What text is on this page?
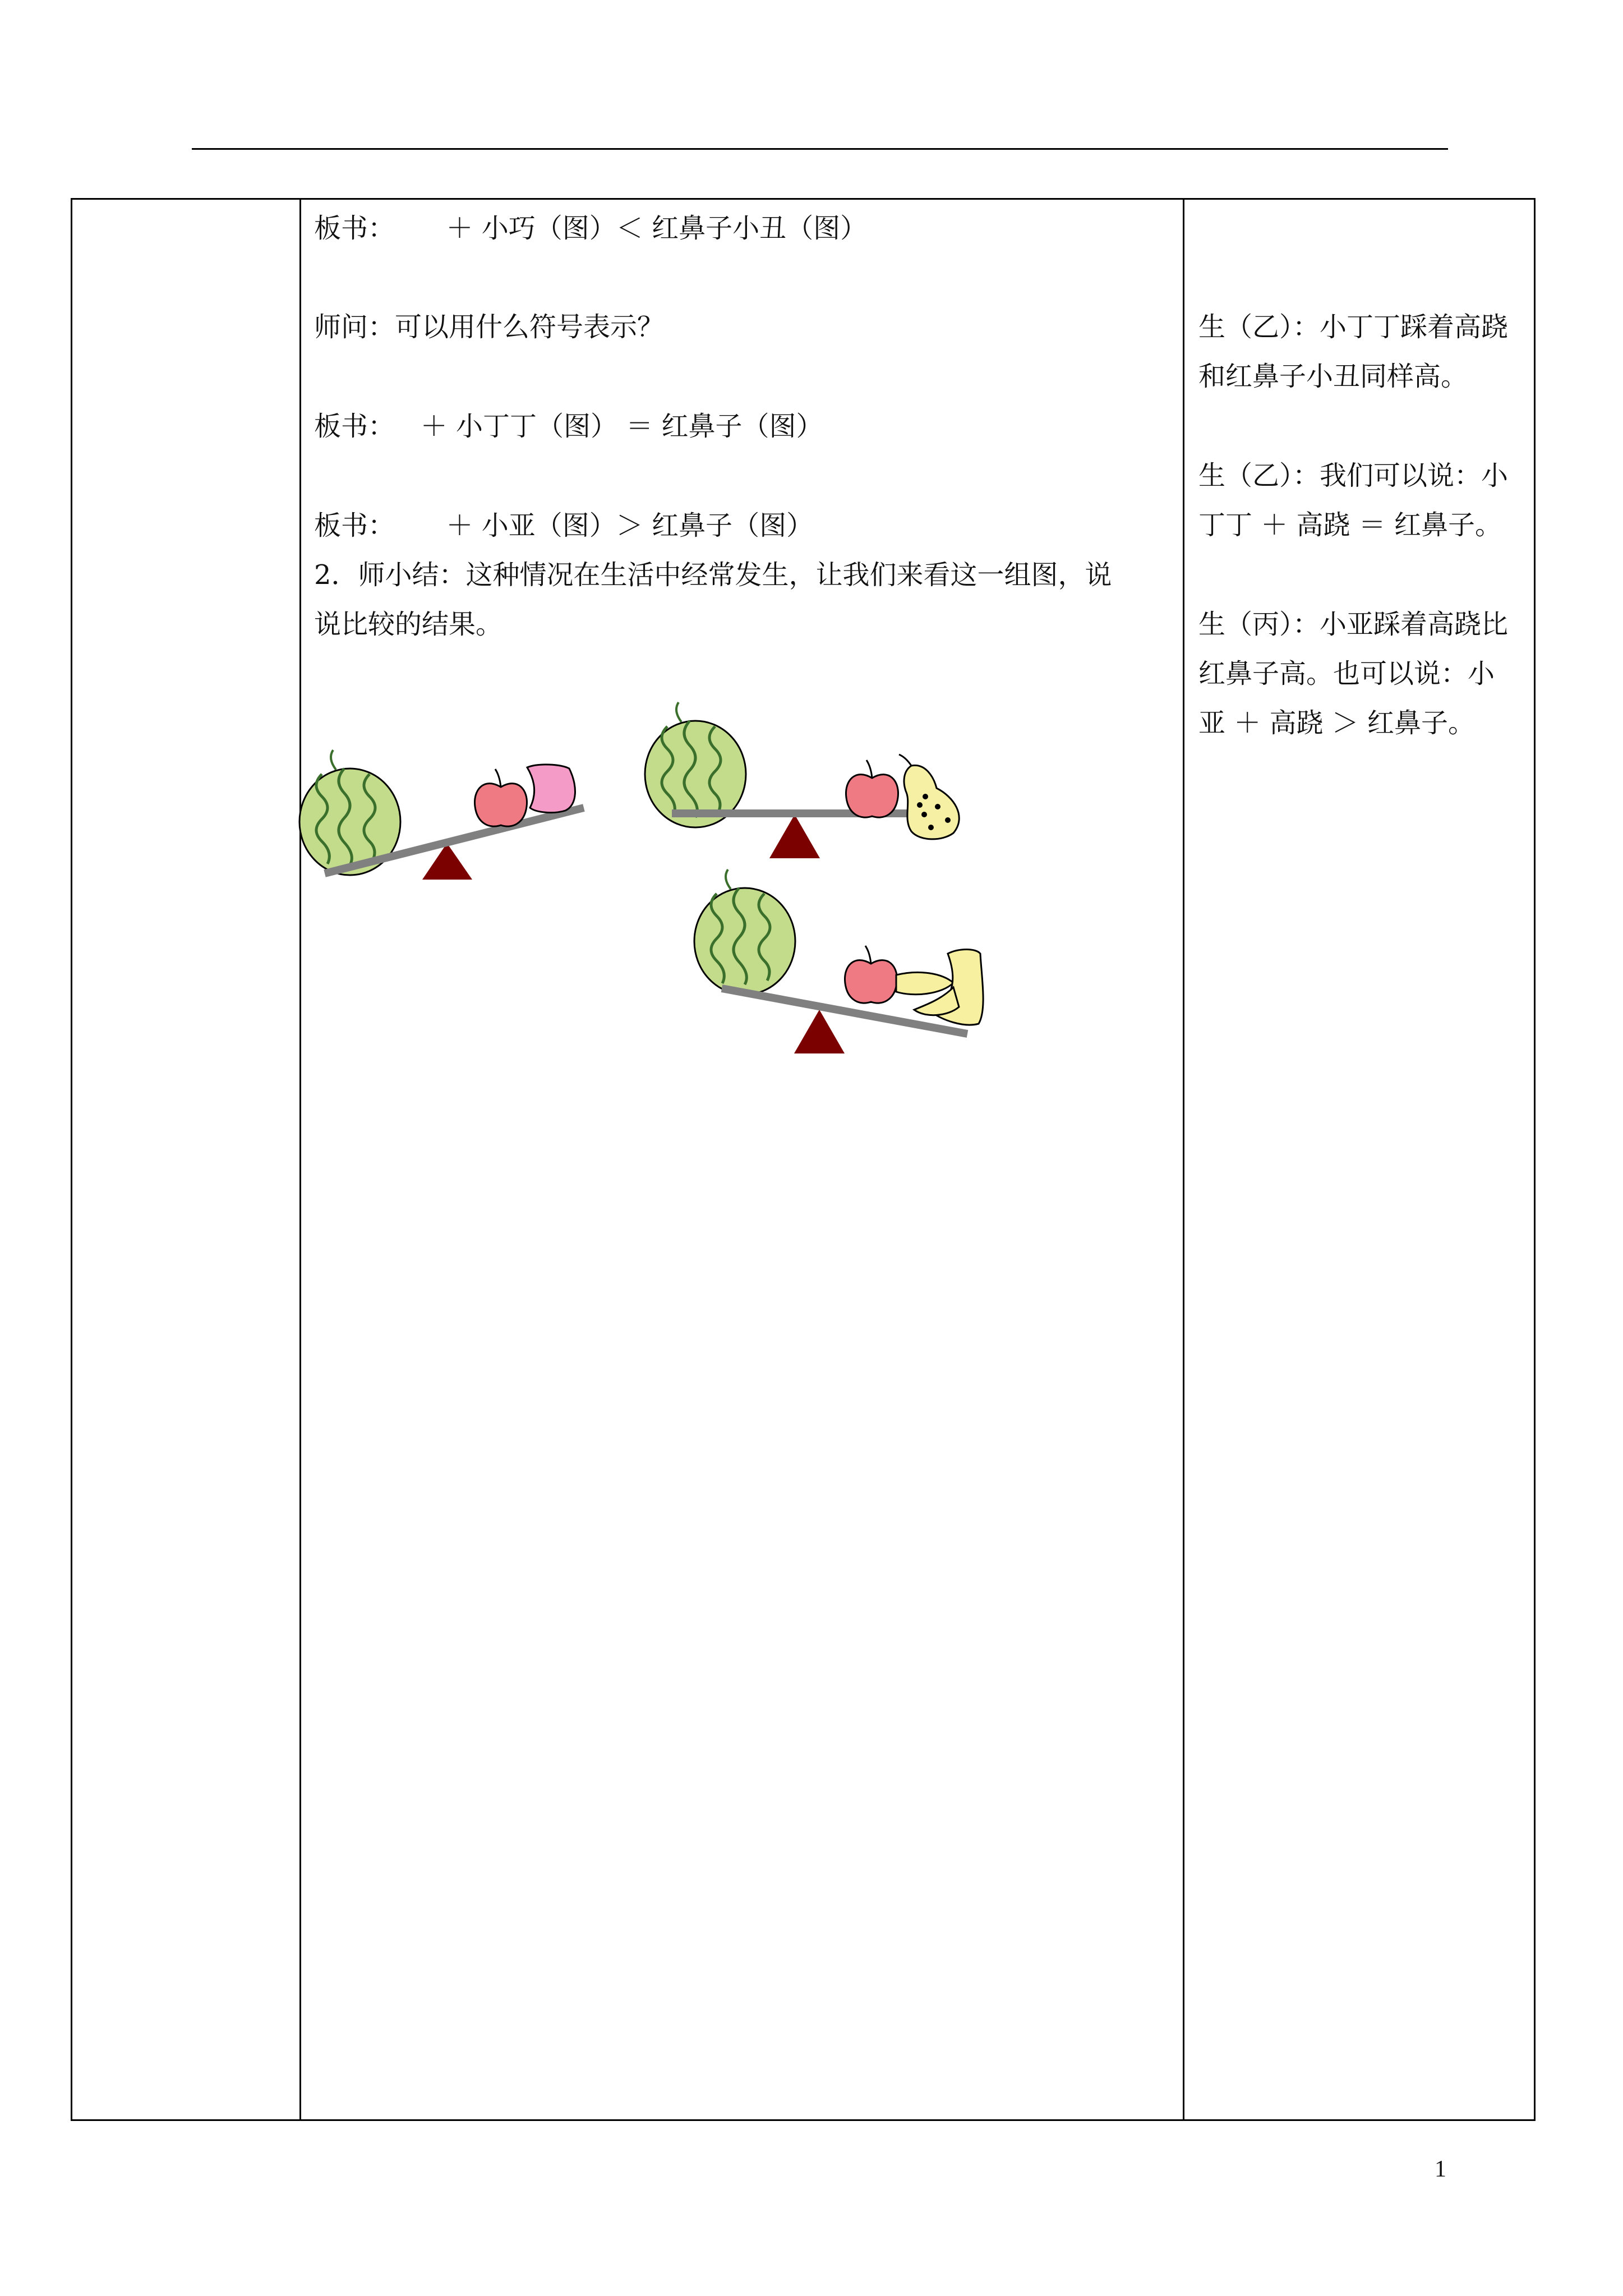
板书：      ＋ 小巧（图）＜ 红鼻子小丑（图）
师问：可以用什么符号表示？
板书：   ＋ 小丁丁（图） ＝ 红鼻子（图）
板书：      ＋ 小亚（图）＞ 红鼻子（图）
2．师小结：这种情况在生活中经常发生，让我们来看这一组图，说
说比较的结果。
生（乙）：小丁丁踩着高跷
和红鼻子小丑同样高。
生（乙）：我们可以说：小
丁丁 ＋ 高跷 ＝ 红鼻子。
生（丙）：小亚踩着高跷比
红鼻子高。也可以说：小
亚 ＋ 高跷 ＞ 红鼻子。
1
